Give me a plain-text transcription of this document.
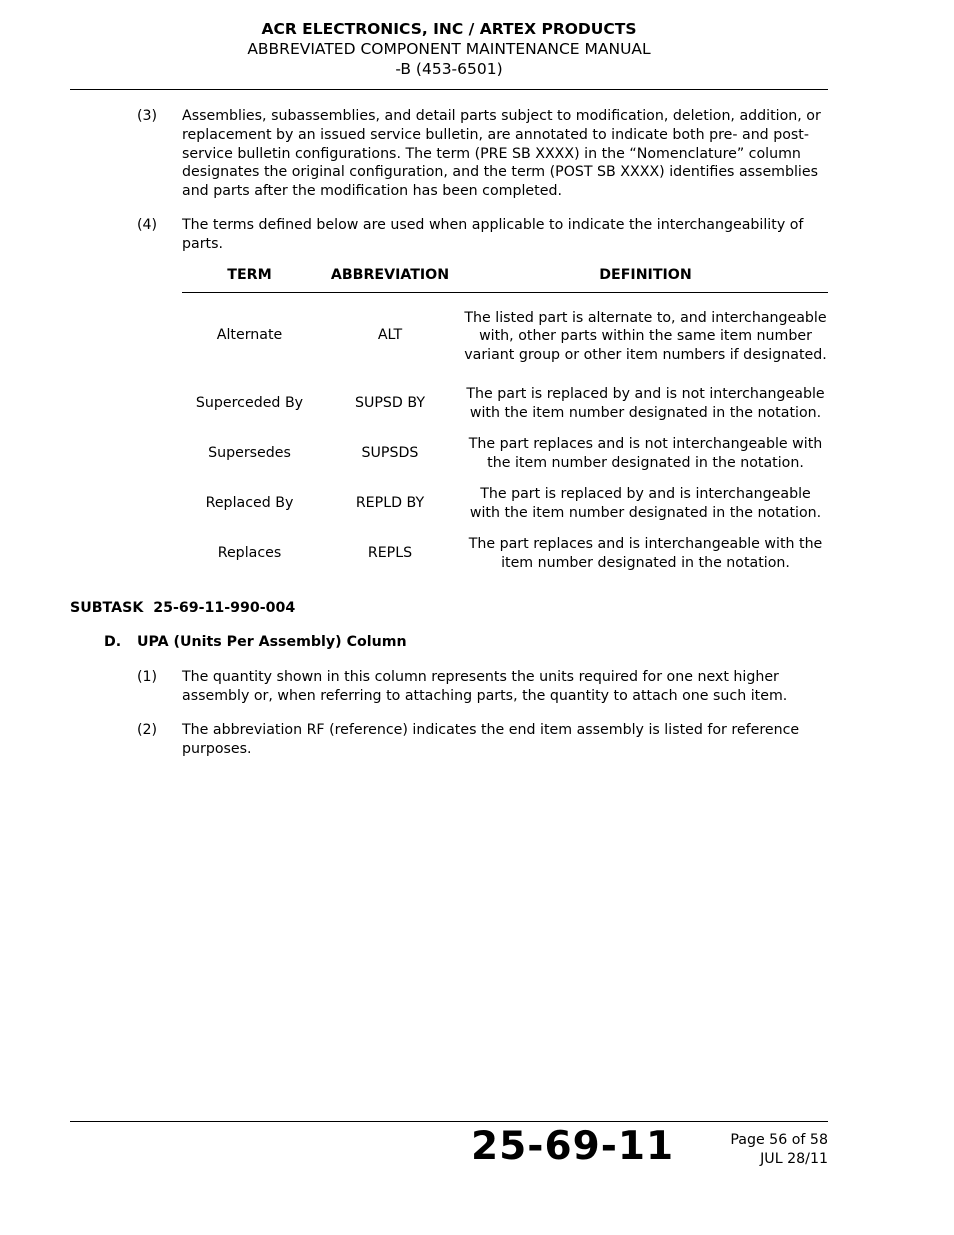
ACR ELECTRONICS, INC / ARTEX PRODUCTS
ABBREVIATED COMPONENT MAINTENANCE MANUAL
-B (453-6501)
(3) Assemblies, subassemblies, and detail parts subject to modification, deletion, addition, or replacement by an issued service bulletin, are annotated to indicate both pre- and post-service bulletin configurations. The term (PRE SB XXXX) in the “Nomenclature” column designates the original configuration, and the term (POST SB XXXX) identifies assemblies and parts after the modification has been completed.
(4) The terms defined below are used when applicable to indicate the interchangeability of parts.
TERM	ABBREVIATION	DEFINITION
Alternate	ALT	The listed part is alternate to, and interchangeable with, other parts within the same item number variant group or other item numbers if designated.
Superceded By	SUPSD BY	The part is replaced by and is not interchangeable with the item number designated in the notation.
Supersedes	SUPSDS	The part replaces and is not interchangeable with the item number designated in the notation.
Replaced By	REPLD BY	The part is replaced by and is interchangeable with the item number designated in the notation.
Replaces	REPLS	The part replaces and is interchangeable with the item number designated in the notation.
SUBTASK  25-69-11-990-004
D. UPA (Units Per Assembly) Column
(1) The quantity shown in this column represents the units required for one next higher assembly or, when referring to attaching parts, the quantity to attach one such item.
(2) The abbreviation RF (reference) indicates the end item assembly is listed for reference purposes.
25-69-11	Page 56 of 58
JUL 28/11
